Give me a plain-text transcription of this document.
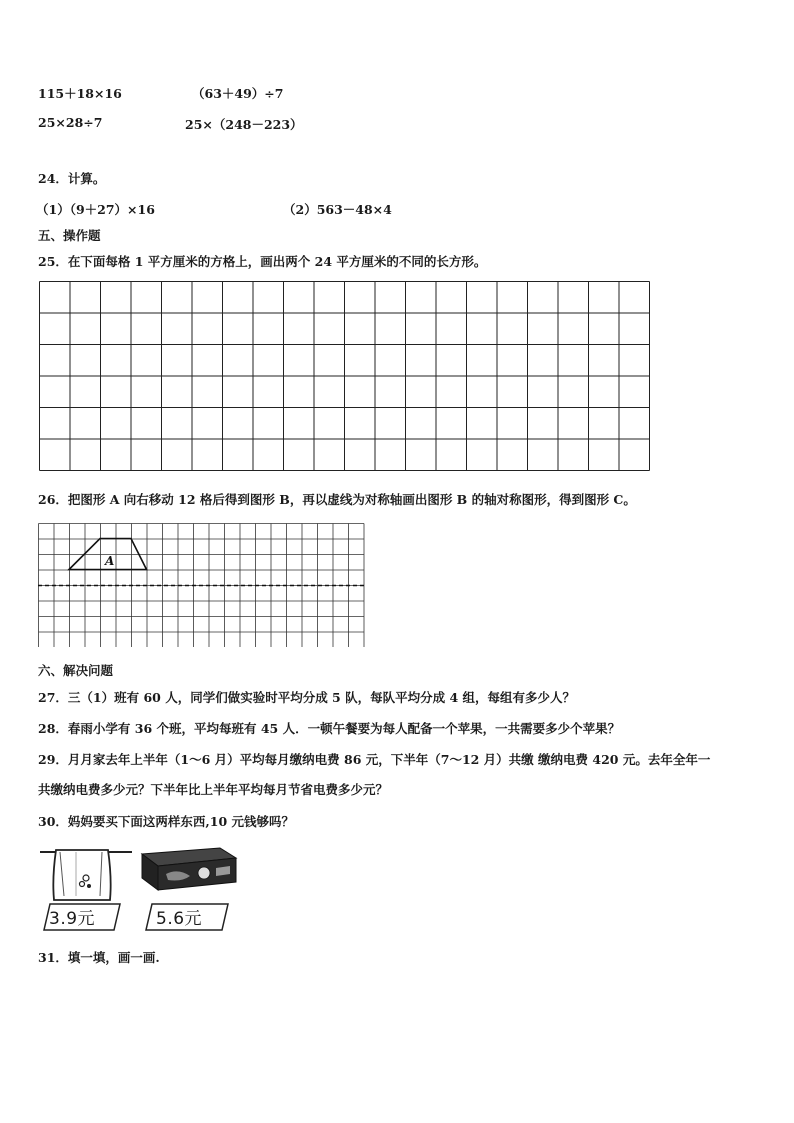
115＋18×16	（63＋49）÷7
25×28÷7	25×（248－223）
24．计算。
（1）（9＋27）×16	（2）563－48×4
五、操作题
25．在下面每格 1 平方厘米的方格上，画出两个 24 平方厘米的不同的长方形。
26．把图形 A 向右移动 12 格后得到图形 B，再以虚线为对称轴画出图形 B 的轴对称图形，得到图形 C。
A
六、解决问题
27．三（1）班有 60 人，同学们做实验时平均分成 5 队，每队平均分成 4 组，每组有多少人？
28．春雨小学有 36 个班，平均每班有 45 人．一顿午餐要为每人配备一个苹果，一共需要多少个苹果？
29．月月家去年上半年（1～6 月）平均每月缴纳电费 86 元，下半年（7～12 月）共缴 缴纳电费 420 元。去年全年一
共缴纳电费多少元？下半年比上半年平均每月节省电费多少元？
30．妈妈要买下面这两样东西,10 元钱够吗？
3.9元	5.6元
31．填一填，画一画.
